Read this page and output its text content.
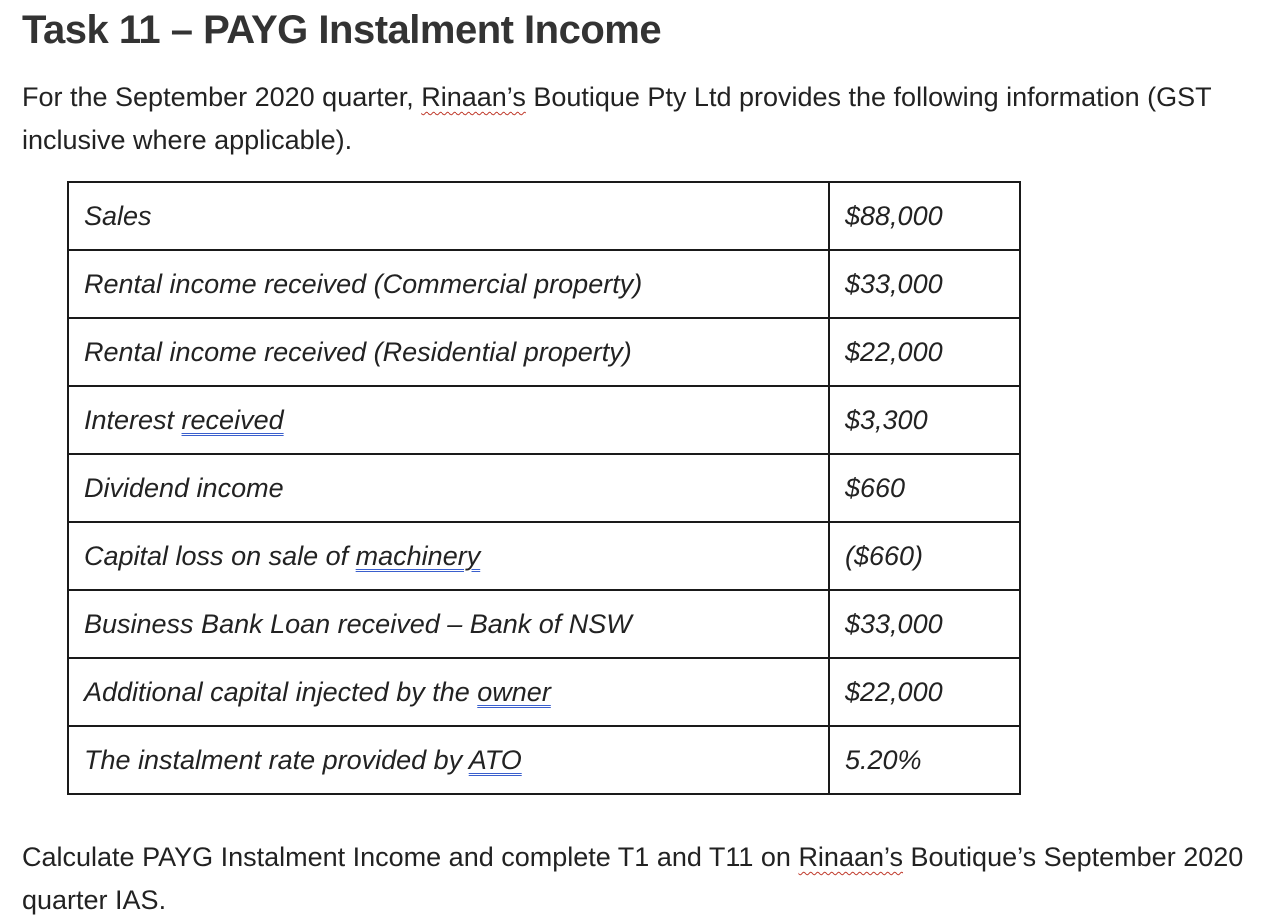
Task 11 – PAYG Instalment Income

For the September 2020 quarter, Rinaan’s Boutique Pty Ltd provides the following information (GST inclusive where applicable).

Sales	$88,000
Rental income received (Commercial property)	$33,000
Rental income received (Residential property)	$22,000
Interest received	$3,300
Dividend income	$660
Capital loss on sale of machinery	($660)
Business Bank Loan received – Bank of NSW	$33,000
Additional capital injected by the owner	$22,000
The instalment rate provided by ATO	5.20%

Calculate PAYG Instalment Income and complete T1 and T11 on Rinaan’s Boutique’s September 2020 quarter IAS.
